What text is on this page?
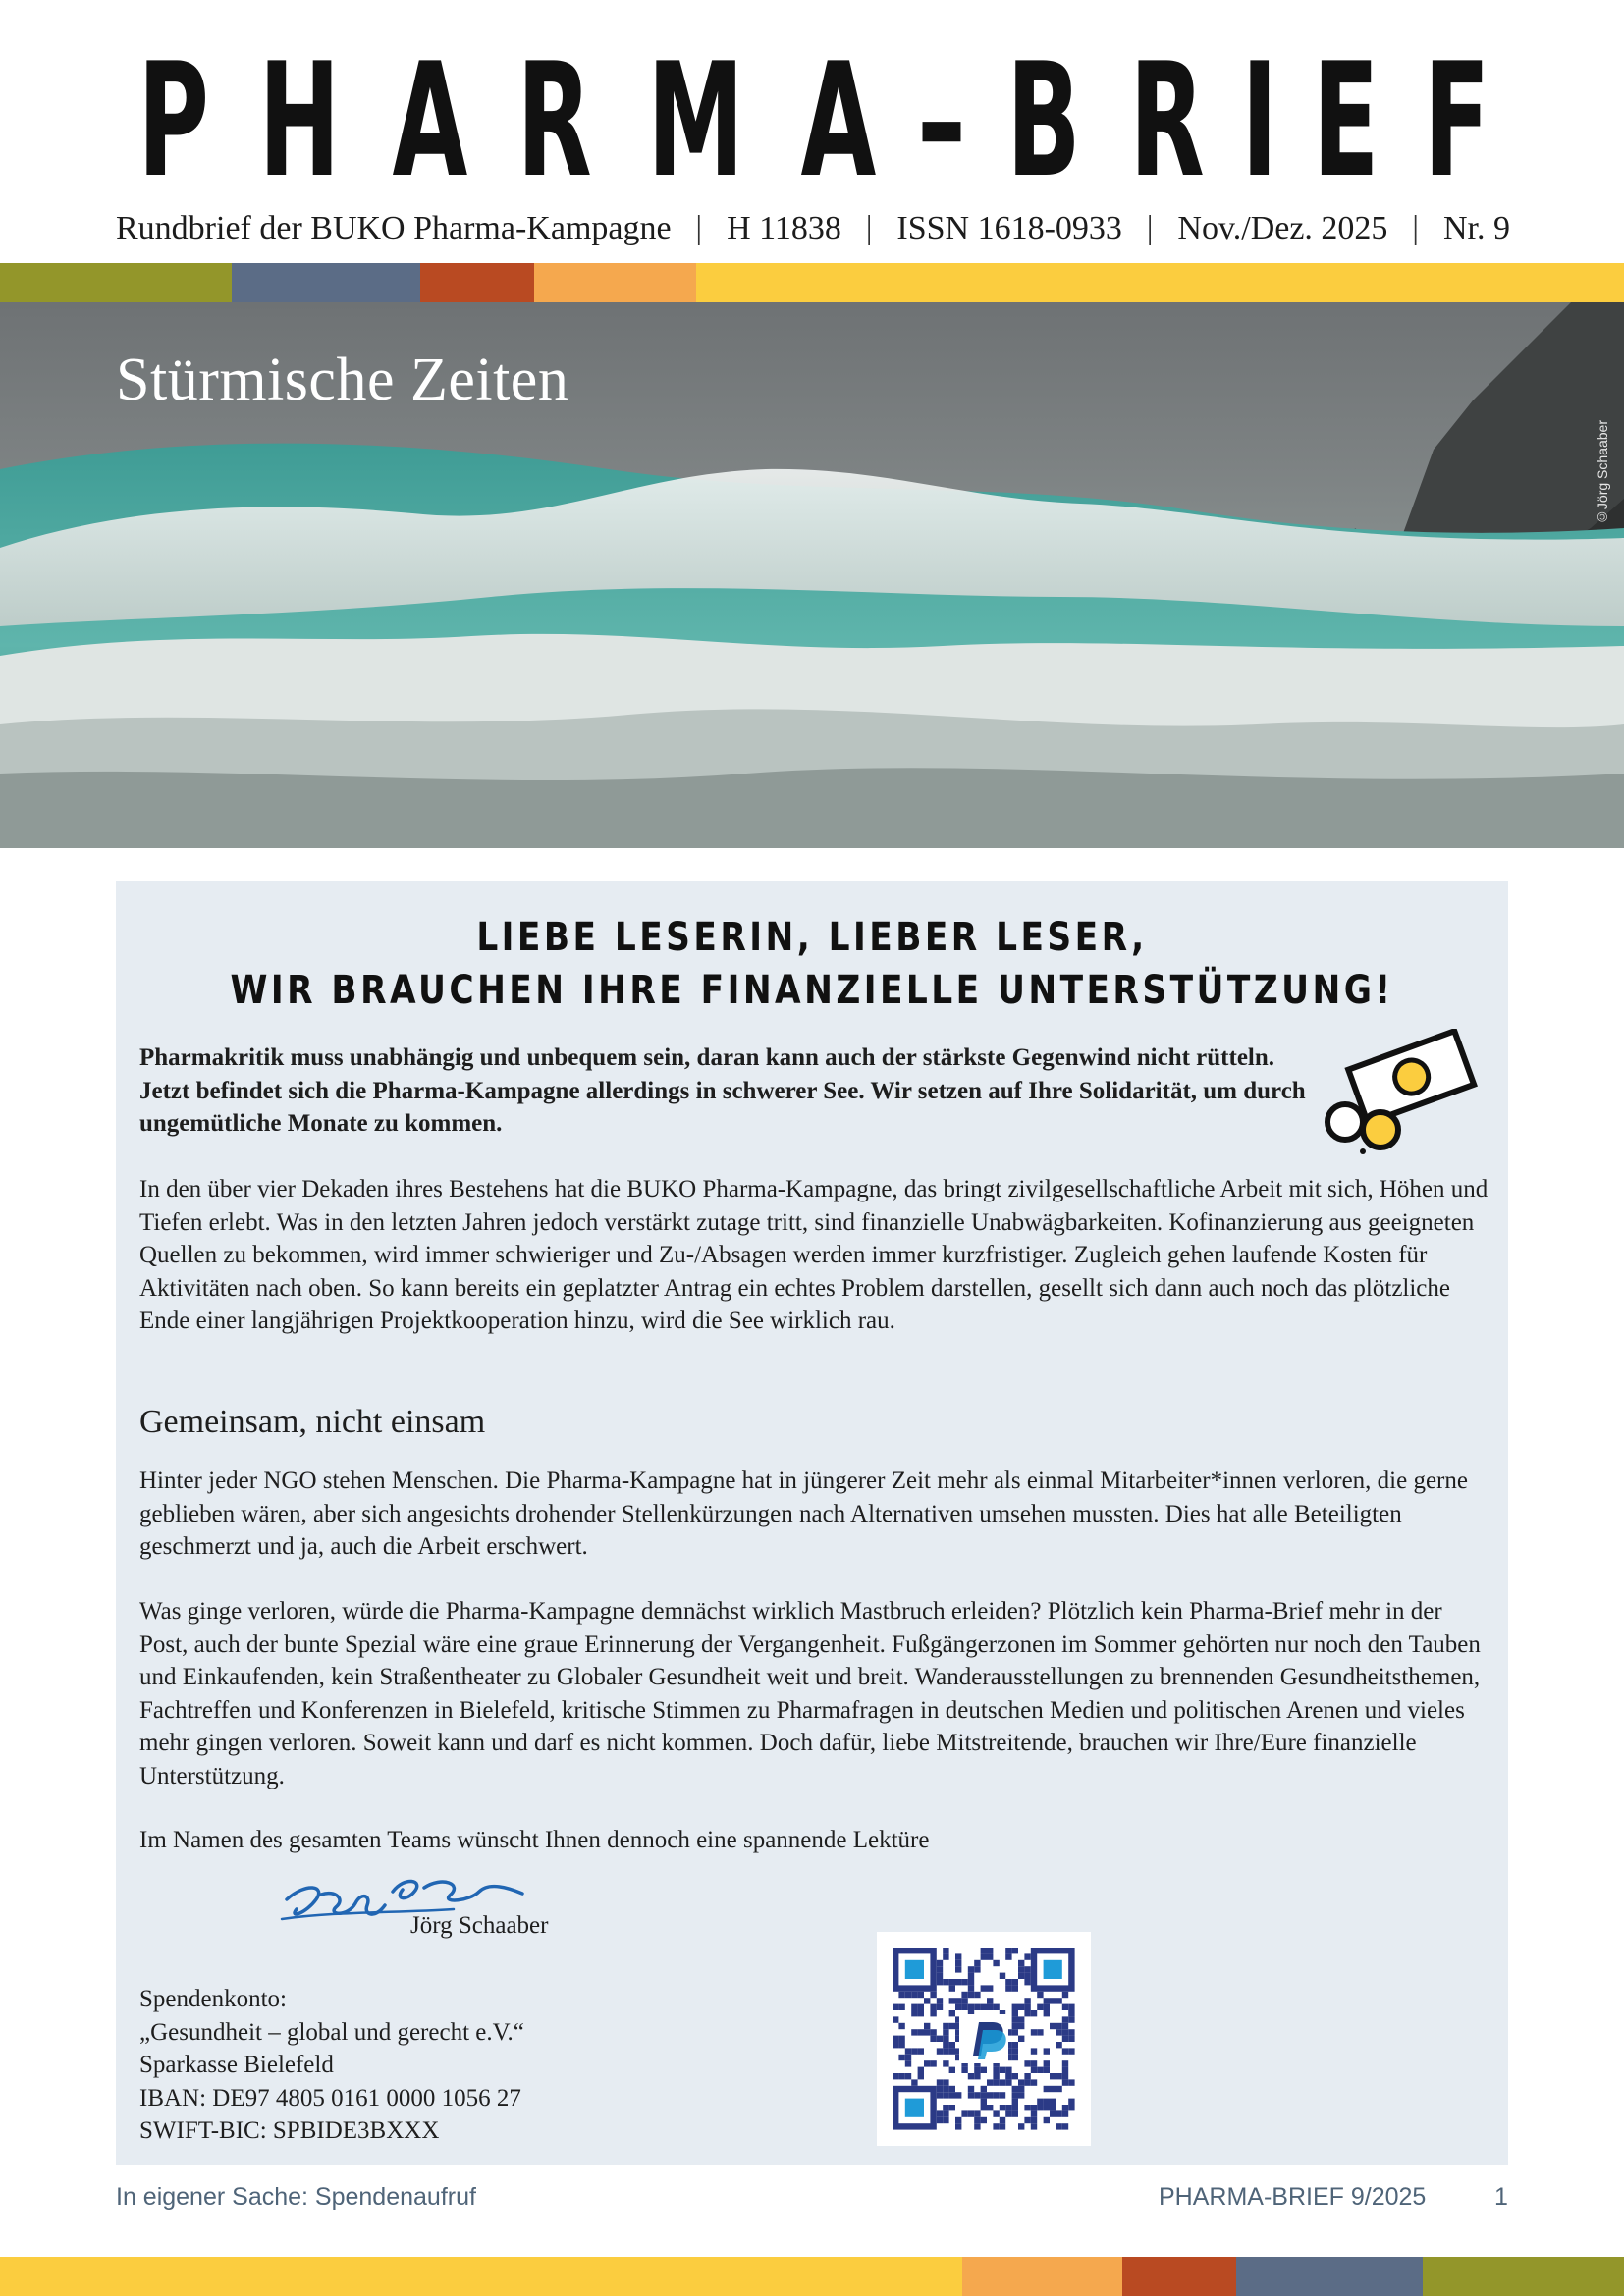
P H A R M A – B R I E F
Rundbrief der BUKO Pharma-Kampagne | H 11838 | ISSN 1618-0933 | Nov./Dez. 2025 | Nr. 9
Stürmische Zeiten
©Jörg Schaaber
LIEBE LESERIN, LIEBER LESER,
WIR BRAUCHEN IHRE FINANZIELLE UNTERSTÜTZUNG!
Pharmakritik muss unabhängig und unbequem sein, daran kann auch der stärkste Gegenwind nicht rütteln. Jetzt befindet sich die Pharma-Kampagne allerdings in schwerer See. Wir setzen auf Ihre Solidarität, um durch ungemütliche Monate zu kommen.
In den über vier Dekaden ihres Bestehens hat die BUKO Pharma-Kampagne, das bringt zivilgesellschaftliche Arbeit mit sich, Höhen und Tiefen erlebt. Was in den letzten Jahren jedoch verstärkt zutage tritt, sind finanzielle Unabwägbarkeiten. Kofinanzierung aus geeigneten Quellen zu bekommen, wird immer schwieriger und Zu-/Absagen werden immer kurzfristiger. Zugleich gehen laufende Kosten für Aktivitäten nach oben. So kann bereits ein geplatzter Antrag ein echtes Problem darstellen, gesellt sich dann auch noch das plötzliche Ende einer langjährigen Projektkooperation hinzu, wird die See wirklich rau.
Gemeinsam, nicht einsam
Hinter jeder NGO stehen Menschen. Die Pharma-Kampagne hat in jüngerer Zeit mehr als einmal Mitarbeiter*innen verloren, die gerne geblieben wären, aber sich angesichts drohender Stellenkürzungen nach Alternativen umsehen mussten. Dies hat alle Beteiligten geschmerzt und ja, auch die Arbeit erschwert.
Was ginge verloren, würde die Pharma-Kampagne demnächst wirklich Mastbruch erleiden? Plötzlich kein Pharma-Brief mehr in der Post, auch der bunte Spezial wäre eine graue Erinnerung der Vergangenheit. Fußgängerzonen im Sommer gehörten nur noch den Tauben und Einkaufenden, kein Straßentheater zu Globaler Gesundheit weit und breit. Wanderausstellungen zu brennenden Gesundheitsthemen, Fachtreffen und Konferenzen in Bielefeld, kritische Stimmen zu Pharmafragen in deutschen Medien und politischen Arenen und vieles mehr gingen verloren. Soweit kann und darf es nicht kommen. Doch dafür, liebe Mitstreitende, brauchen wir Ihre/Eure finanzielle Unterstützung.
Im Namen des gesamten Teams wünscht Ihnen dennoch eine spannende Lektüre
Jörg Schaaber
Spendenkonto:
„Gesundheit – global und gerecht e.V.“
Sparkasse Bielefeld
IBAN: DE97 4805 0161 0000 1056 27
SWIFT-BIC: SPBIDE3BXXX
In eigener Sache: Spendenaufruf	PHARMA-BRIEF 9/2025	1
